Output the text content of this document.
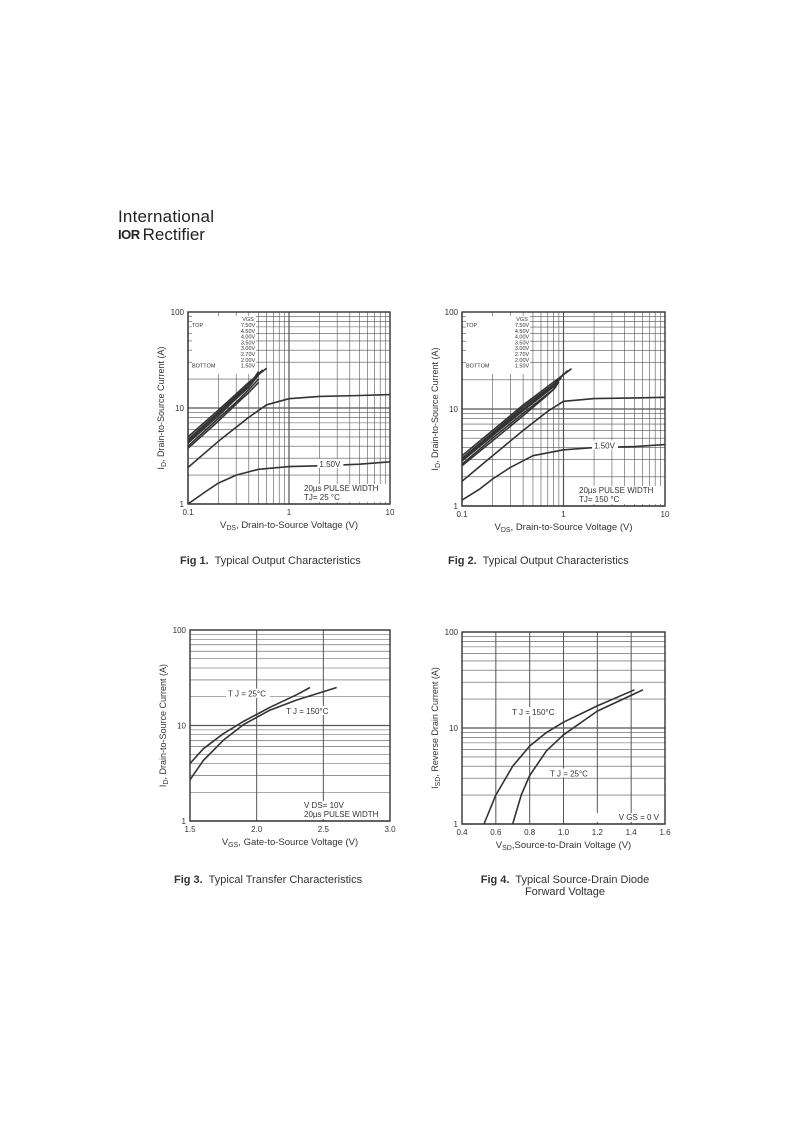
International
IOR Rectifier
1
10
100
0.1	1	10
$V_{DS}$, Drain-to-Source Voltage (V)
$I_D$, Drain-to-Source Current (A)
VGS
TOP	7.50V
4.50V
4.00V
3.50V
3.00V
2.70V
2.00V
1.50V
BOTTOM
1.50V
20µs PULSE WIDTH
TJ= 25 °C
Fig 1. Typical Output Characteristics
1
10
100
0.1	1	10
$V_{DS}$, Drain-to-Source Voltage (V)
$I_D$, Drain-to-Source Current (A)
VGS
TOP	7.50V
4.50V
4.00V
3.50V
3.00V
2.70V
2.00V
1.50V
BOTTOM
1.50V
20µs PULSE WIDTH
TJ= 150 °C
Fig 2. Typical Output Characteristics
1
10
100
1.5	2.0	2.5	3.0
$V_{GS}$, Gate-to-Source Voltage (V)
$I_D$, Drain-to-Source Current (A)	T J = 25°C
T J = 150°C
V DS= 10V
20µs PULSE WIDTH
Fig 3. Typical Transfer Characteristics
1
10
100
0.4	0.6	0.8	1.0	1.2	1.4	1.6
$V_{SD},Source-to$-Drain Voltage (V)
$I_{SD}$, Reverse Drain Current (A)	T J = 150°C
T J = 25°C
V GS = 0 V
Fig 4. Typical Source-Drain Diode
Forward Voltage
